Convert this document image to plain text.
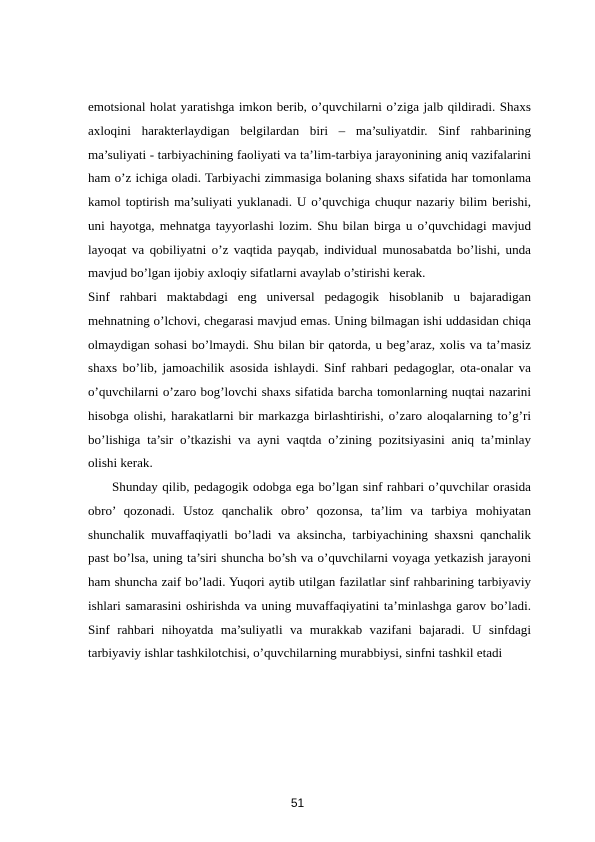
emotsional holat yaratishga imkon berib, o’quvchilarni o’ziga jalb qildiradi. Shaxs axloqini harakterlaydigan belgilardan biri – ma’suliyatdir. Sinf rahbarining ma’suliyati - tarbiyachining faoliyati va ta’lim-tarbiya jarayonining aniq vazifalarini ham o’z ichiga oladi. Tarbiyachi zimmasiga bolaning shaxs sifatida har tomonlama kamol toptirish ma’suliyati yuklanadi. U o’quvchiga chuqur nazariy bilim berishi, uni hayotga, mehnatga tayyorlashi lozim. Shu bilan birga u o’quvchidagi mavjud layoqat va qobiliyatni o’z vaqtida payqab, individual munosabatda bo’lishi, unda mavjud bo’lgan ijobiy axloqiy sifatlarni avaylab o’stirishi kerak.

Sinf rahbari maktabdagi eng universal pedagogik hisoblanib u bajaradigan mehnatning o’lchovi, chegarasi mavjud emas. Uning bilmagan ishi uddasidan chiqa olmaydigan sohasi bo’lmaydi. Shu bilan bir qatorda, u beg’araz, xolis va ta’masiz shaxs bo’lib, jamoachilik asosida ishlaydi. Sinf rahbari pedagoglar, ota-onalar va o’quvchilarni o’zaro bog’lovchi shaxs sifatida barcha tomonlarning nuqtai nazarini hisobga olishi, harakatlarni bir markazga birlashtirishi, o’zaro aloqalarning to’g’ri bo’lishiga ta’sir o’tkazishi va ayni vaqtda o’zining pozitsiyasini aniq ta’minlay olishi kerak.

Shunday qilib, pedagogik odobga ega bo’lgan sinf rahbari o’quvchilar orasida obro’ qozonadi. Ustoz qanchalik obro’ qozonsa, ta’lim va tarbiya mohiyatan shunchalik muvaffaqiyatli bo’ladi va aksincha, tarbiyachining shaxsni qanchalik past bo’lsa, uning ta’siri shuncha bo’sh va o’quvchilarni voyaga yetkazish jarayoni ham shuncha zaif bo’ladi. Yuqori aytib utilgan fazilatlar sinf rahbarining tarbiyaviy ishlari samarasini oshirishda va uning muvaffaqiyatini ta’minlashga garov bo’ladi. Sinf rahbari nihoyatda ma’suliyatli va murakkab vazifani bajaradi. U sinfdagi tarbiyaviy ishlar tashkilotchisi, o’quvchilarning murabbiysi, sinfni tashkil etadi

51
